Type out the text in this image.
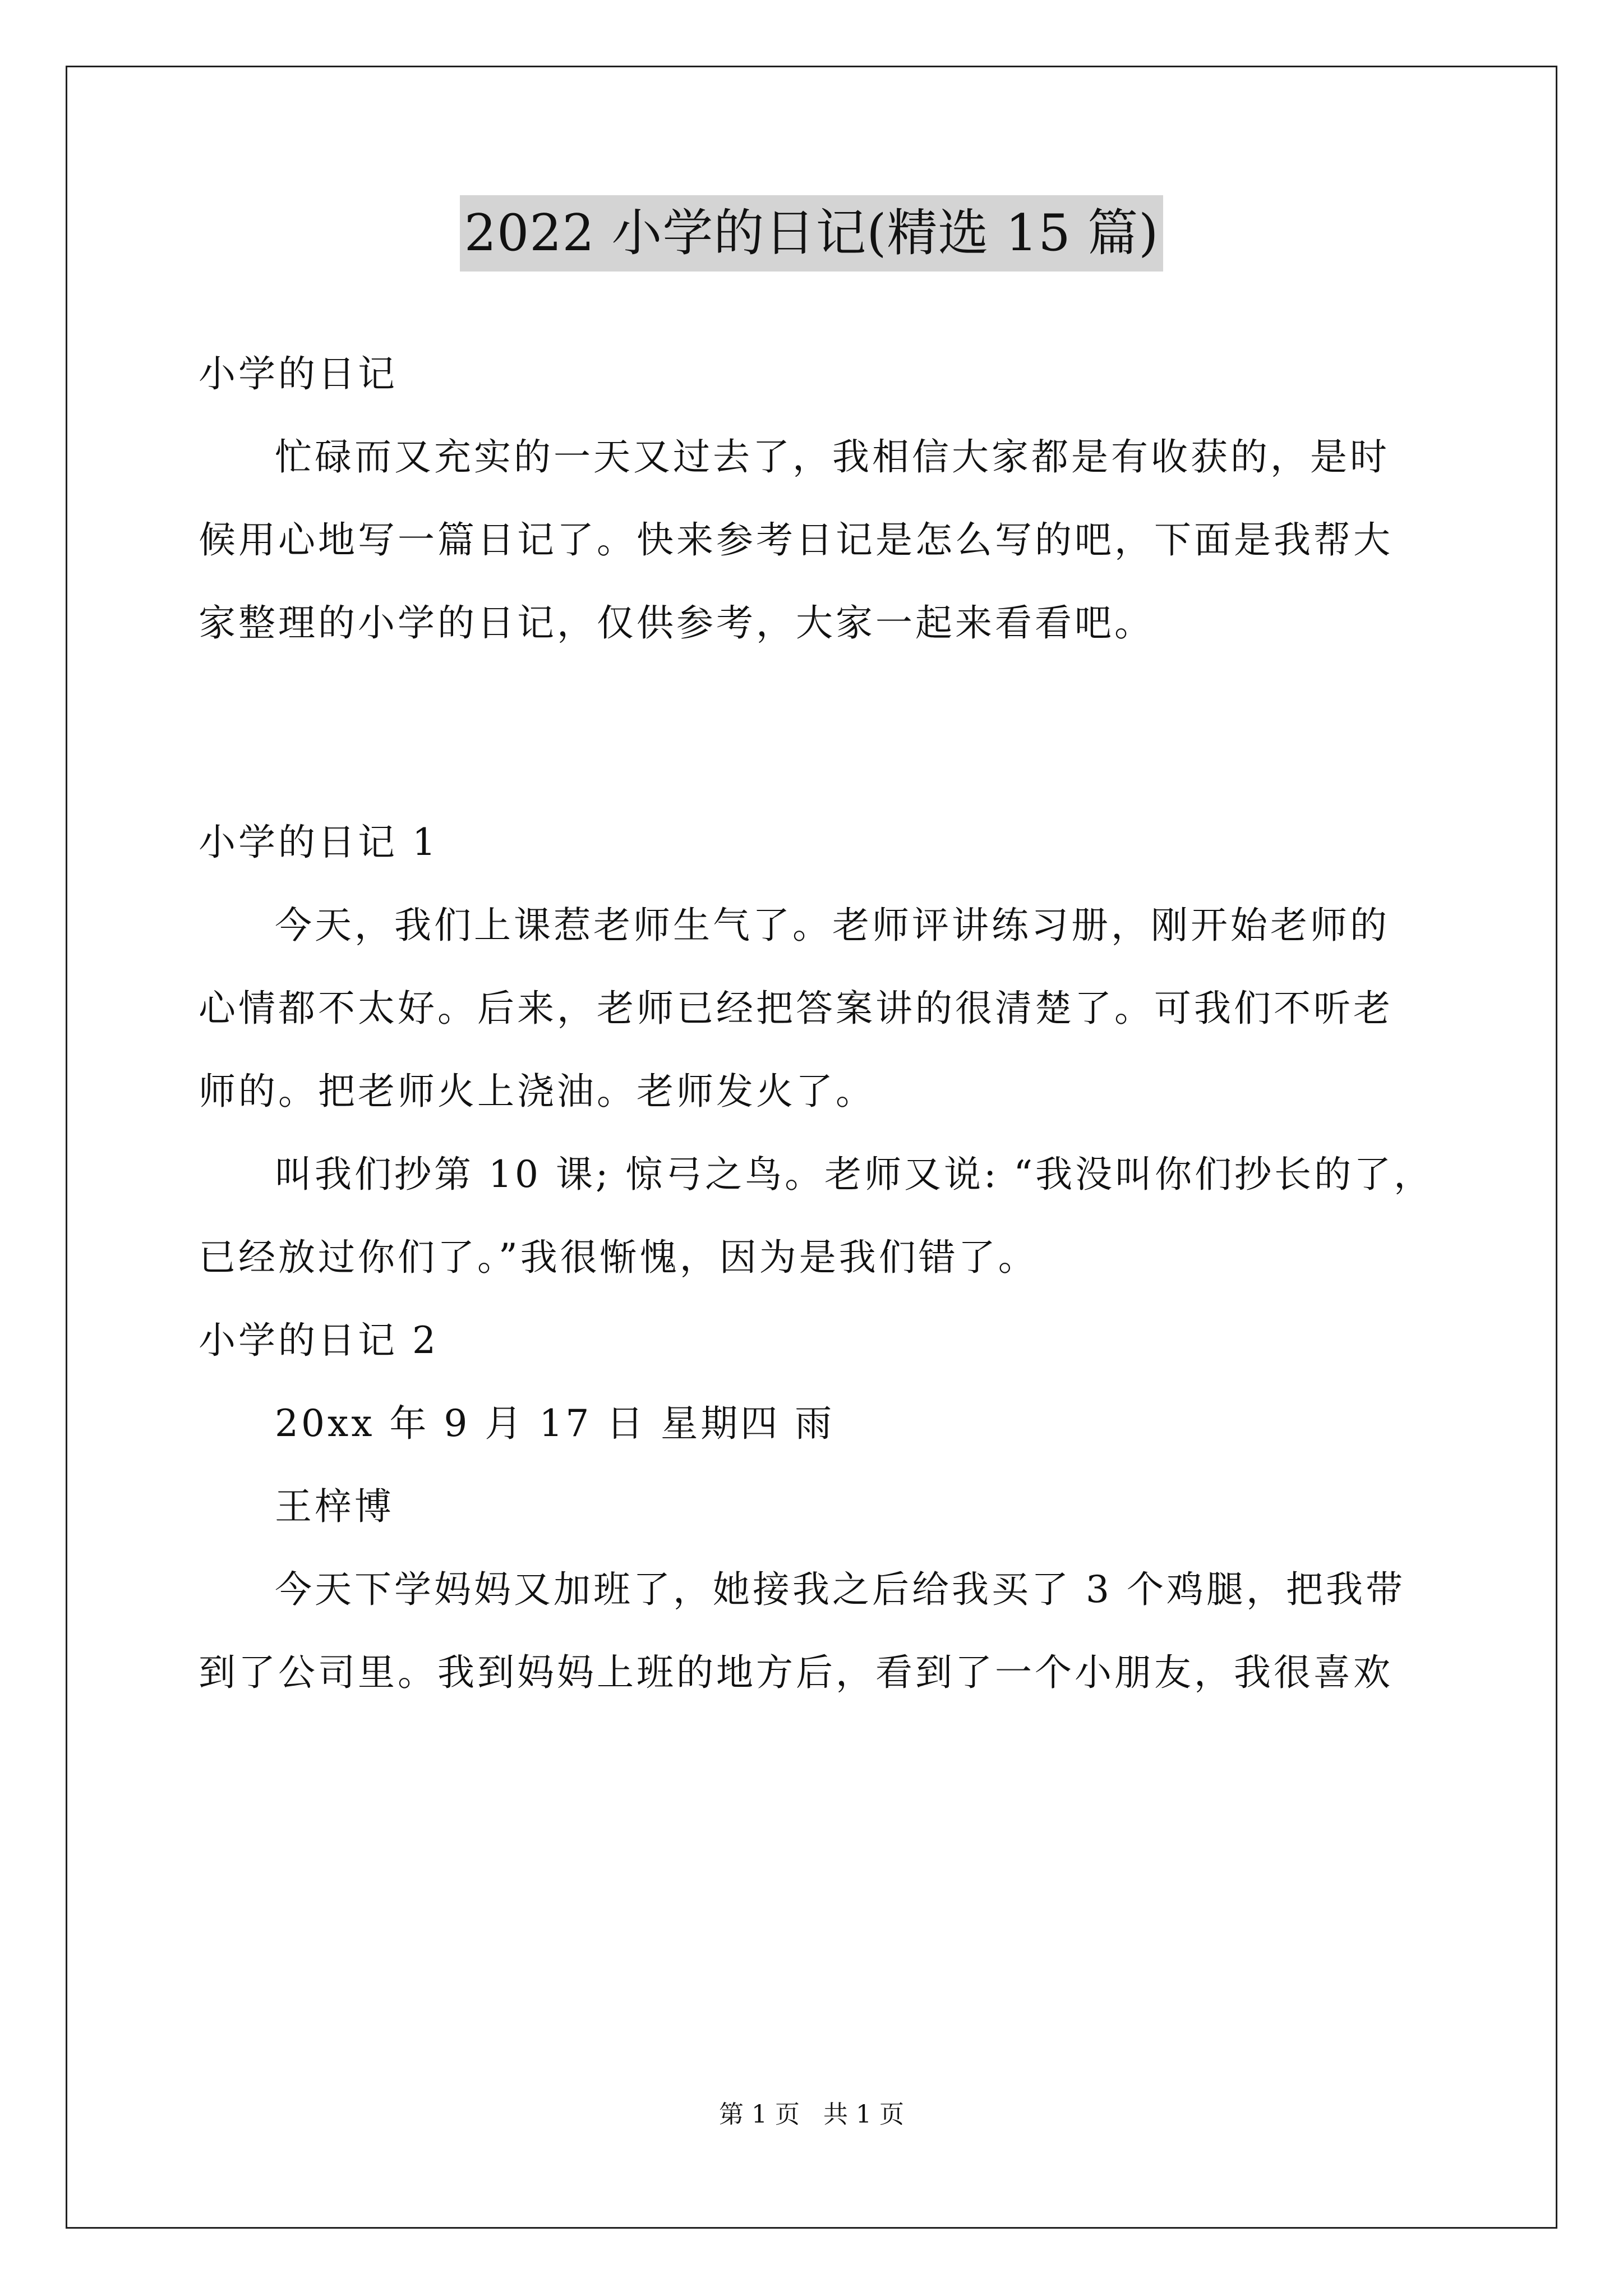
2022 小学的日记(精选 15 篇)
小学的日记
忙碌而又充实的一天又过去了，我相信大家都是有收获的，是时
候用心地写一篇日记了。快来参考日记是怎么写的吧，下面是我帮大
家整理的小学的日记，仅供参考，大家一起来看看吧。
小学的日记 1
今天，我们上课惹老师生气了。老师评讲练习册，刚开始老师的
心情都不太好。后来，老师已经把答案讲的很清楚了。可我们不听老
师的。把老师火上浇油。老师发火了。
叫我们抄第 10 课; 惊弓之鸟。老师又说: “我没叫你们抄长的了，
已经放过你们了。”我很惭愧，因为是我们错了。
小学的日记 2
20xx 年 9 月 17 日 星期四 雨
王梓博
今天下学妈妈又加班了，她接我之后给我买了 3 个鸡腿，把我带
到了公司里。我到妈妈上班的地方后，看到了一个小朋友，我很喜欢
第 1 页 共 1 页
